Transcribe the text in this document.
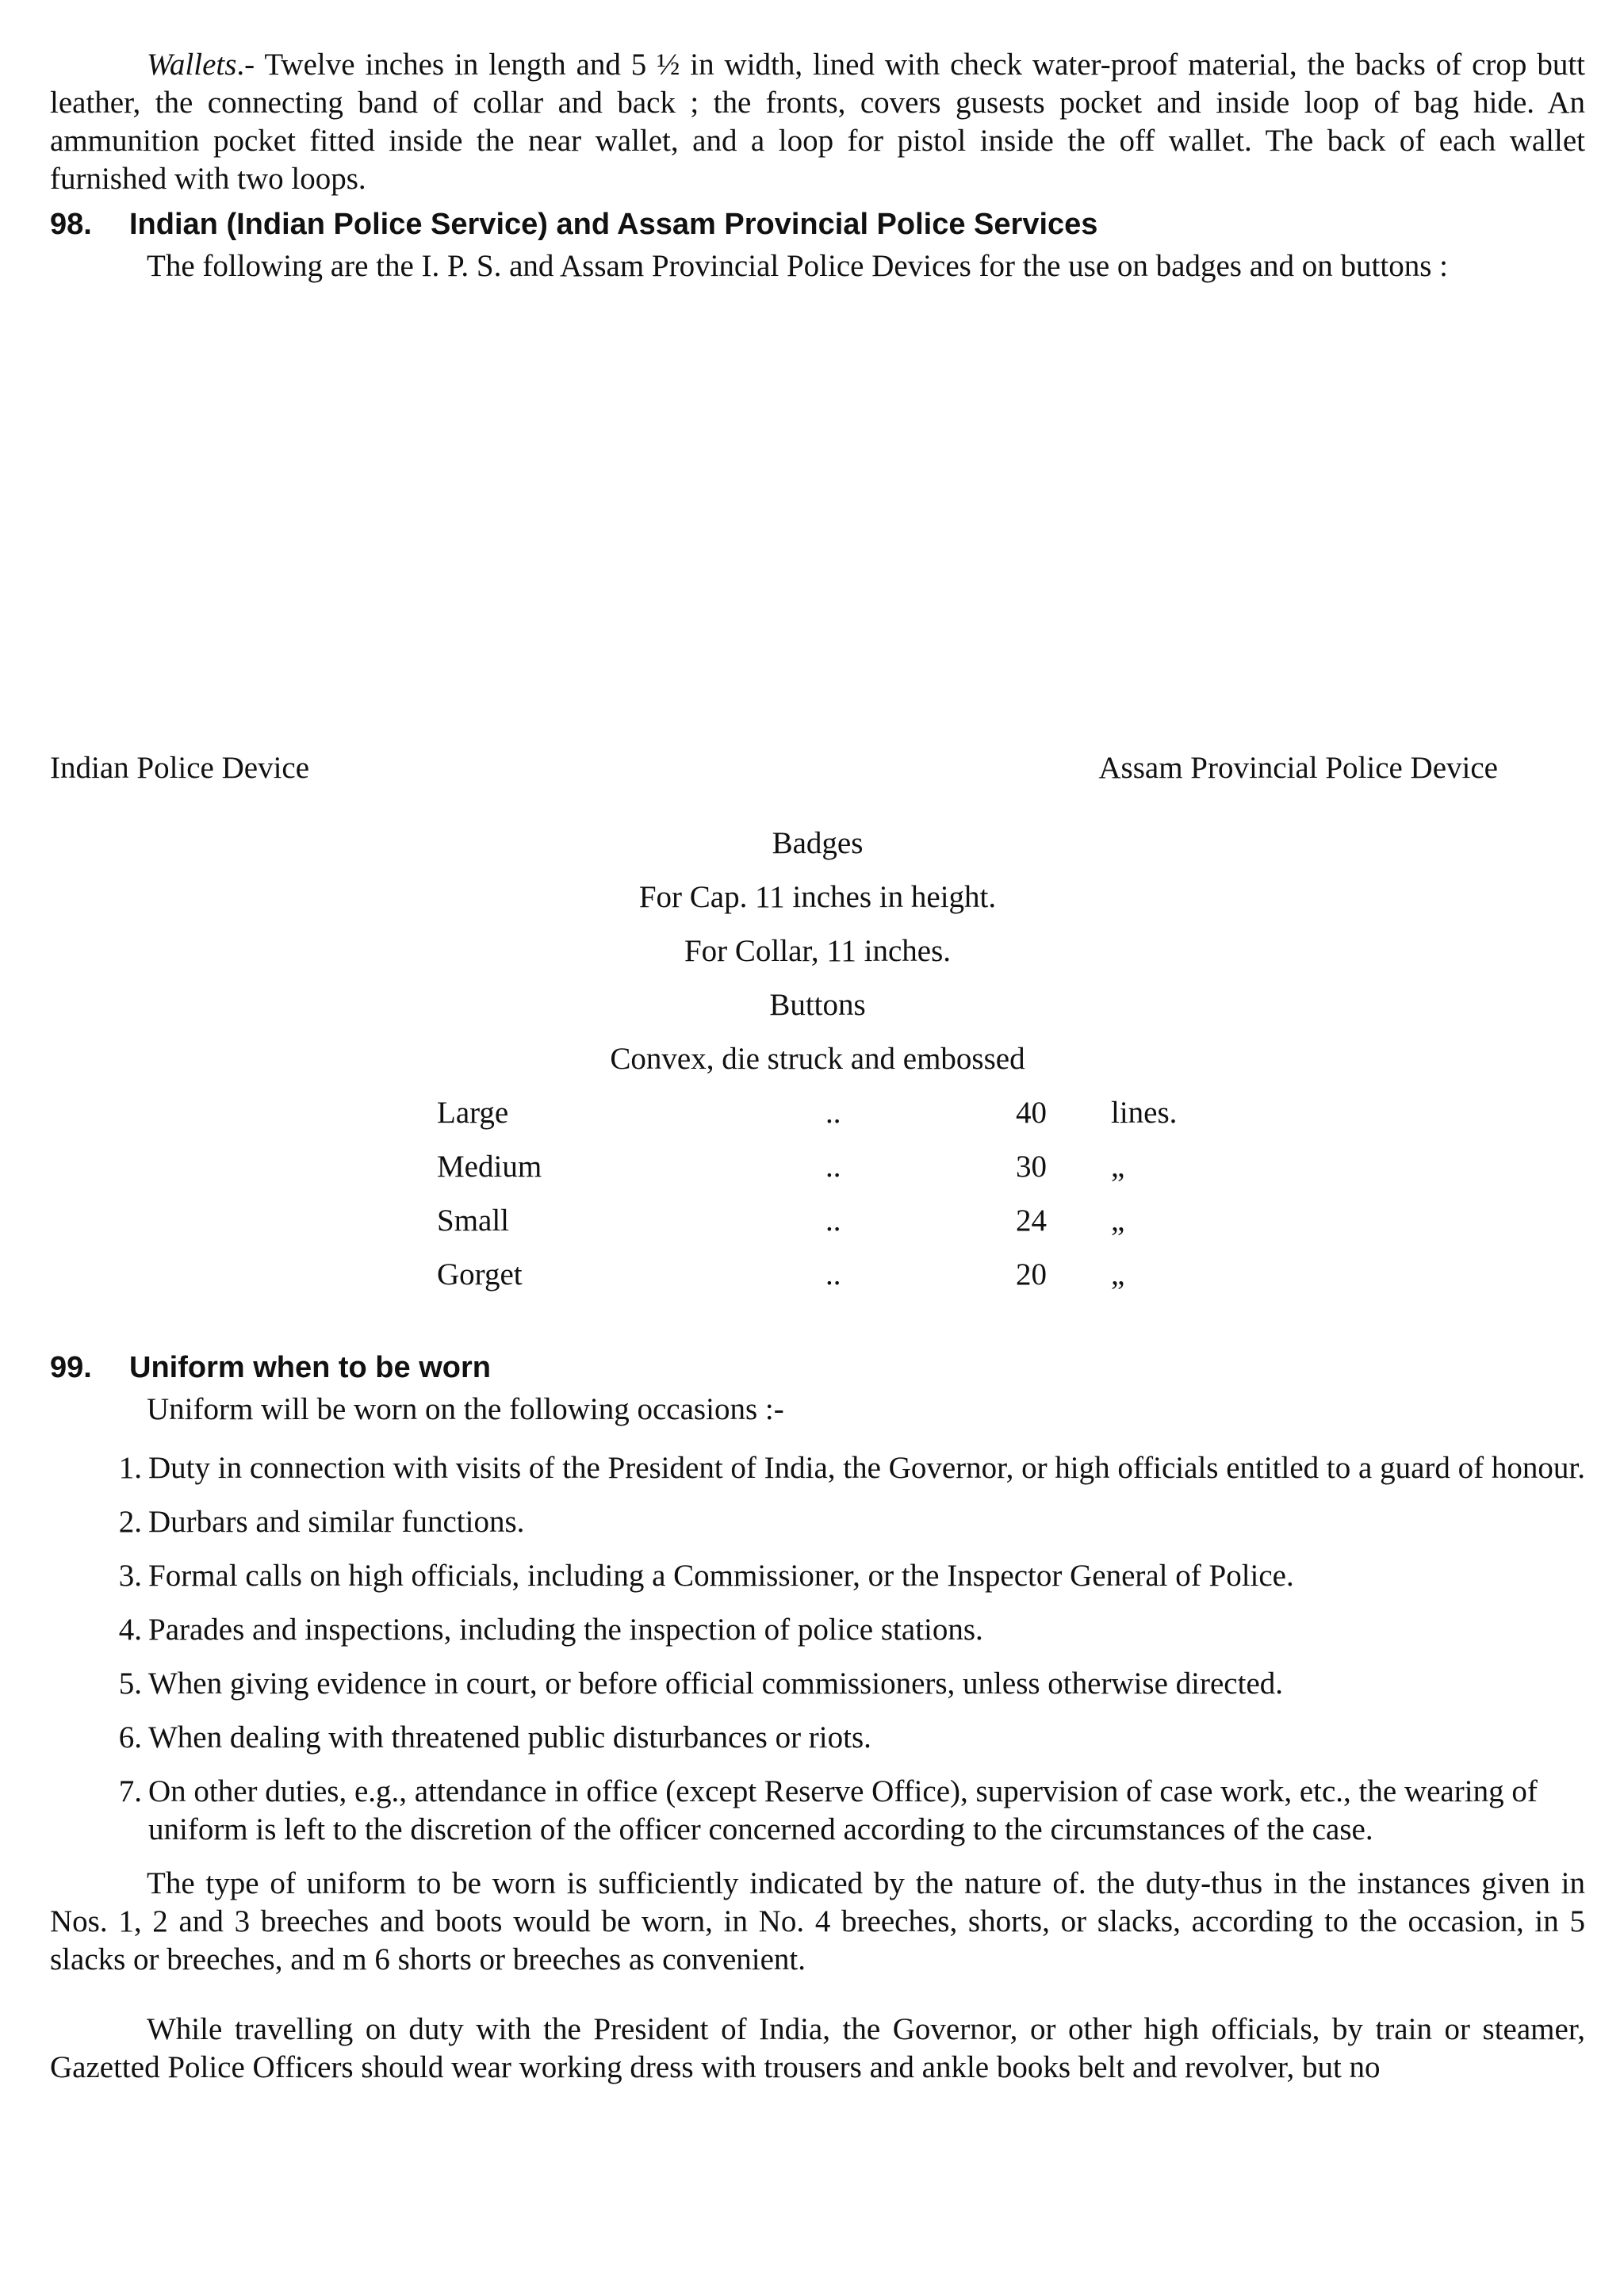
Wallets.- Twelve inches in length and 5 ½ in width, lined with check water-proof material, the backs of crop butt leather, the connecting band of collar and back ; the fronts, covers gusests pocket and inside loop of bag hide. An ammunition pocket fitted inside the near wallet, and a loop for pistol inside the off wallet. The back of each wallet furnished with two loops.

98.	Indian (Indian Police Service) and Assam Provincial Police Services

The following are the I. P. S. and Assam Provincial Police Devices for the use on badges and on buttons :

Indian Police Device	Assam Provincial Police Device
Badges
For Cap. 11 inches in height.
For Collar, 11 inches.
Buttons
Convex, die struck and embossed
Large	..	40	lines.
Medium	..	30	„
Small	..	24	„
Gorget	..	20	„
99.	Uniform when to be worn

Uniform will be worn on the following occasions :-

1. Duty in connection with visits of the President of India, the Governor, or high officials entitled to a guard of honour.
2. Durbars and similar functions.
3. Formal calls on high officials, including a Commissioner, or the Inspector General of Police.
4. Parades and inspections, including the inspection of police stations.
5. When giving evidence in court, or before official commissioners, unless otherwise directed.
6. When dealing with threatened public disturbances or riots.
7. On other duties, e.g., attendance in office (except Reserve Office), supervision of case work, etc., the wearing of uniform is left to the discretion of the officer concerned according to the circumstances of the case.

The type of uniform to be worn is sufficiently indicated by the nature of. the duty-thus in the instances given in Nos. 1, 2 and 3 breeches and boots would be worn, in No. 4 breeches, shorts, or slacks, according to the occasion, in 5 slacks or breeches, and m 6 shorts or breeches as convenient.

While travelling on duty with the President of India, the Governor, or other high officials, by train or steamer, Gazetted Police Officers should wear working dress with trousers and ankle books belt and revolver, but no
